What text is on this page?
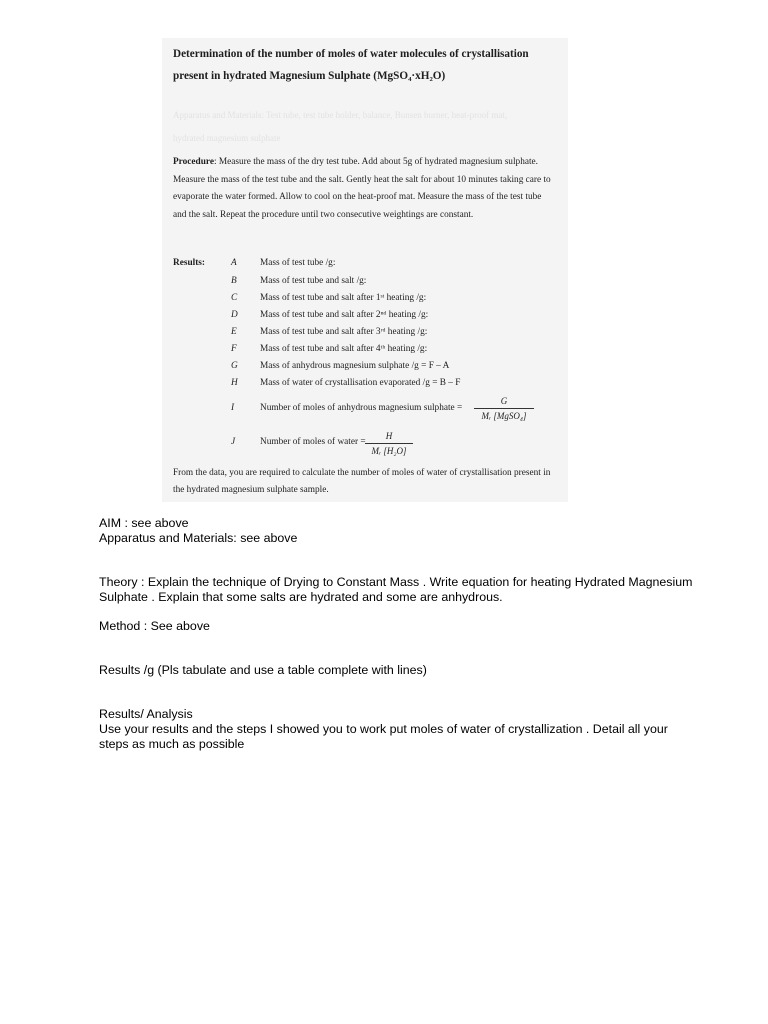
Determination of the number of moles of water molecules of crystallisation
present in hydrated Magnesium Sulphate (MgSO₄·xH₂O)
Apparatus and Materials: Test tube, test tube holder, balance, Bunsen burner, heat-proof mat,
hydrated magnesium sulphate
Procedure: Measure the mass of the dry test tube. Add about 5g of hydrated magnesium sulphate. Measure the mass of the test tube and the salt. Gently heat the salt for about 10 minutes taking care to evaporate the water formed. Allow to cool on the heat-proof mat. Measure the mass of the test tube and the salt. Repeat the procedure until two consecutive weightings are constant.
Results:	A	Mass of test tube /g:
B	Mass of test tube and salt /g:
C Mass of test tube and salt after 1ˢᵗ heating /g:
D Mass of test tube and salt after 2ⁿᵈ heating /g:
E	Mass of test tube and salt after 3ʳᵈ heating /g:
F	Mass of test tube and salt after 4ᵗʰ heating /g:
G Mass of anhydrous magnesium sulphate /g = F – A
H Mass of water of crystallisation evaporated /g = B – F
I	Number of moles of anhydrous magnesium sulphate =
G
Mᵣ [MgSO₄]
J	Number of moles of water = $\frac{H}{\text{Mᵣ [H₂O]}}$
From the data, you are required to calculate the number of moles of water of crystallisation present in the hydrated magnesium sulphate sample.
AIM : see above
Apparatus and Materials: see above
Theory : Explain the technique of Drying to Constant Mass . Write equation for heating Hydrated Magnesium Sulphate . Explain that some salts are hydrated and some are anhydrous.
Method : See above
Results /g (Pls tabulate and use a table complete with lines)
Results/ Analysis
Use your results and the steps I showed you to work put moles of water of crystallization . Detail all your steps as much as possible
